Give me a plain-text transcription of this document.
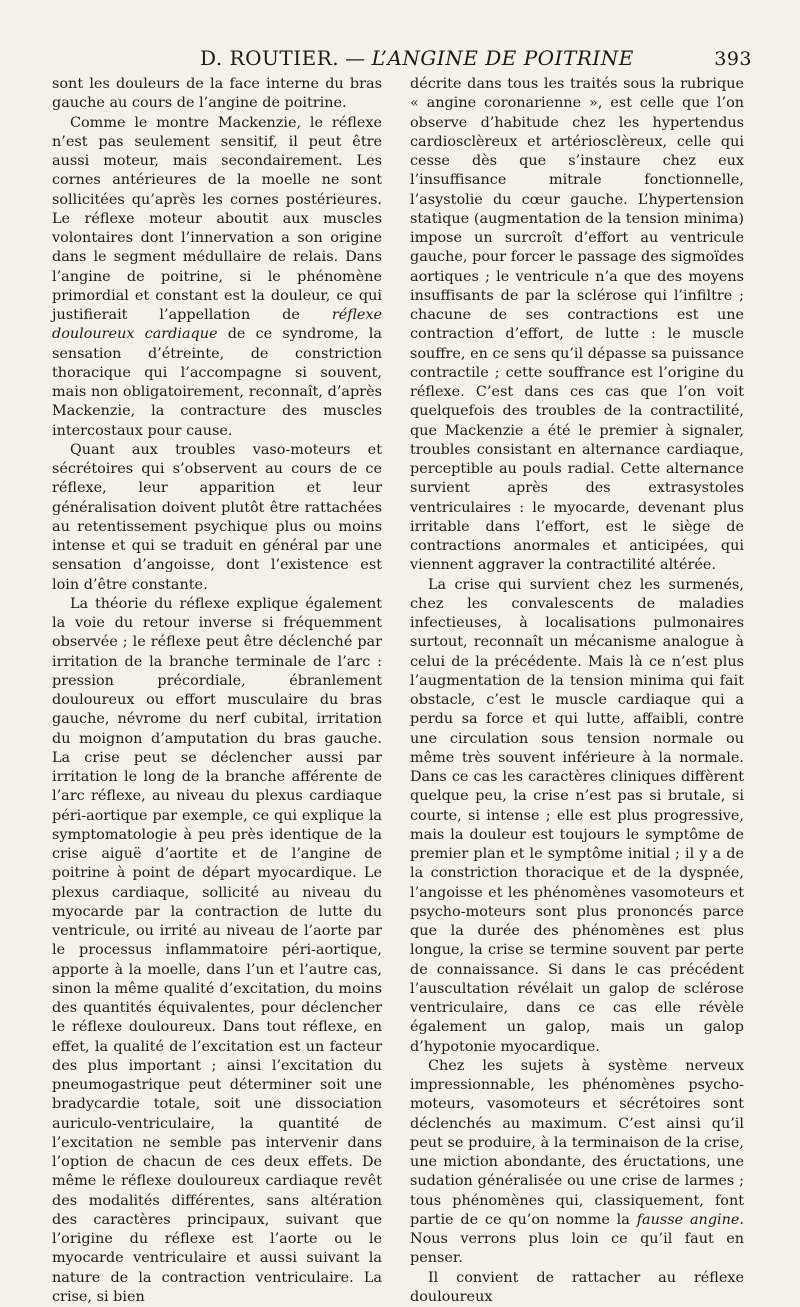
D. ROUTIER. — L’ANGINE DE POITRINE	393

sont les douleurs de la face interne du bras gauche au cours de l’angine de poitrine.

Comme le montre Mackenzie, le réflexe n’est pas seulement sensitif, il peut être aussi moteur, mais secondairement. Les cornes antérieures de la moelle ne sont sollicitées qu’après les cornes postérieures. Le réflexe moteur aboutit aux muscles volontaires dont l’innervation a son origine dans le segment médullaire de relais. Dans l’angine de poitrine, si le phénomène primordial et constant est la douleur, ce qui justifierait l’appellation de réflexe douloureux cardiaque de ce syndrome, la sensation d’étreinte, de constriction thoracique qui l’accompagne si souvent, mais non obligatoirement, reconnaît, d’après Mackenzie, la contracture des muscles intercostaux pour cause.

Quant aux troubles vaso-moteurs et sécrétoires qui s’observent au cours de ce réflexe, leur apparition et leur généralisation doivent plutôt être rattachées au retentissement psychique plus ou moins intense et qui se traduit en général par une sensation d’angoisse, dont l’existence est loin d’être constante.

La théorie du réflexe explique également la voie du retour inverse si fréquemment observée ; le réflexe peut être déclenché par irritation de la branche terminale de l’arc : pression précordiale, ébranlement douloureux ou effort musculaire du bras gauche, névrome du nerf cubital, irritation du moignon d’amputation du bras gauche. La crise peut se déclencher aussi par irritation le long de la branche afférente de l’arc réflexe, au niveau du plexus cardiaque péri-aortique par exemple, ce qui explique la symptomatologie à peu près identique de la crise aiguë d’aortite et de l’angine de poitrine à point de départ myocardique. Le plexus cardiaque, sollicité au niveau du myocarde par la contraction de lutte du ventricule, ou irrité au niveau de l’aorte par le processus inflammatoire péri-aortique, apporte à la moelle, dans l’un et l’autre cas, sinon la même qualité d’excitation, du moins des quantités équivalentes, pour déclencher le réflexe douloureux. Dans tout réflexe, en effet, la qualité de l’excitation est un facteur des plus important ; ainsi l’excitation du pneumogastrique peut déterminer soit une bradycardie totale, soit une dissociation auriculo-ventriculaire, la quantité de l’excitation ne semble pas intervenir dans l’option de chacun de ces deux effets. De même le réflexe douloureux cardiaque revêt des modalités différentes, sans altération des caractères principaux, suivant que l’origine du réflexe est l’aorte ou le myocarde ventriculaire et aussi suivant la nature de la contraction ventriculaire. La crise, si bien

décrite dans tous les traités sous la rubrique « angine coronarienne », est celle que l’on observe d’habitude chez les hypertendus cardiosclèreux et artériosclèreux, celle qui cesse dès que s’instaure chez eux l’insuffisance mitrale fonctionnelle, l’asystolie du cœur gauche. L’hypertension statique (augmentation de la tension minima) impose un surcroît d’effort au ventricule gauche, pour forcer le passage des sigmoïdes aortiques ; le ventricule n’a que des moyens insuffisants de par la sclérose qui l’infiltre ; chacune de ses contractions est une contraction d’effort, de lutte : le muscle souffre, en ce sens qu’il dépasse sa puissance contractile ; cette souffrance est l’origine du réflexe. C’est dans ces cas que l’on voit quelquefois des troubles de la contractilité, que Mackenzie a été le premier à signaler, troubles consistant en alternance cardiaque, perceptible au pouls radial. Cette alternance survient après des extrasystoles ventriculaires : le myocarde, devenant plus irritable dans l’effort, est le siège de contractions anormales et anticipées, qui viennent aggraver la contractilité altérée.

La crise qui survient chez les surmenés, chez les convalescents de maladies infectieuses, à localisations pulmonaires surtout, reconnaît un mécanisme analogue à celui de la précédente. Mais là ce n’est plus l’augmentation de la tension minima qui fait obstacle, c’est le muscle cardiaque qui a perdu sa force et qui lutte, affaibli, contre une circulation sous tension normale ou même très souvent inférieure à la normale. Dans ce cas les caractères cliniques diffèrent quelque peu, la crise n’est pas si brutale, si courte, si intense ; elle est plus progressive, mais la douleur est toujours le symptôme de premier plan et le symptôme initial ; il y a de la constriction thoracique et de la dyspnée, l’angoisse et les phénomènes vasomoteurs et psycho-moteurs sont plus prononcés parce que la durée des phénomènes est plus longue, la crise se termine souvent par perte de connaissance. Si dans le cas précédent l’auscultation révélait un galop de sclérose ventriculaire, dans ce cas elle révèle également un galop, mais un galop d’hypotonie myocardique.

Chez les sujets à système nerveux impressionnable, les phénomènes psycho-moteurs, vasomoteurs et sécrétoires sont déclenchés au maximum. C’est ainsi qu’il peut se produire, à la terminaison de la crise, une miction abondante, des éructations, une sudation généralisée ou une crise de larmes ; tous phénomènes qui, classiquement, font partie de ce qu’on nomme la fausse angine. Nous verrons plus loin ce qu’il faut en penser.

Il convient de rattacher au réflexe douloureux
